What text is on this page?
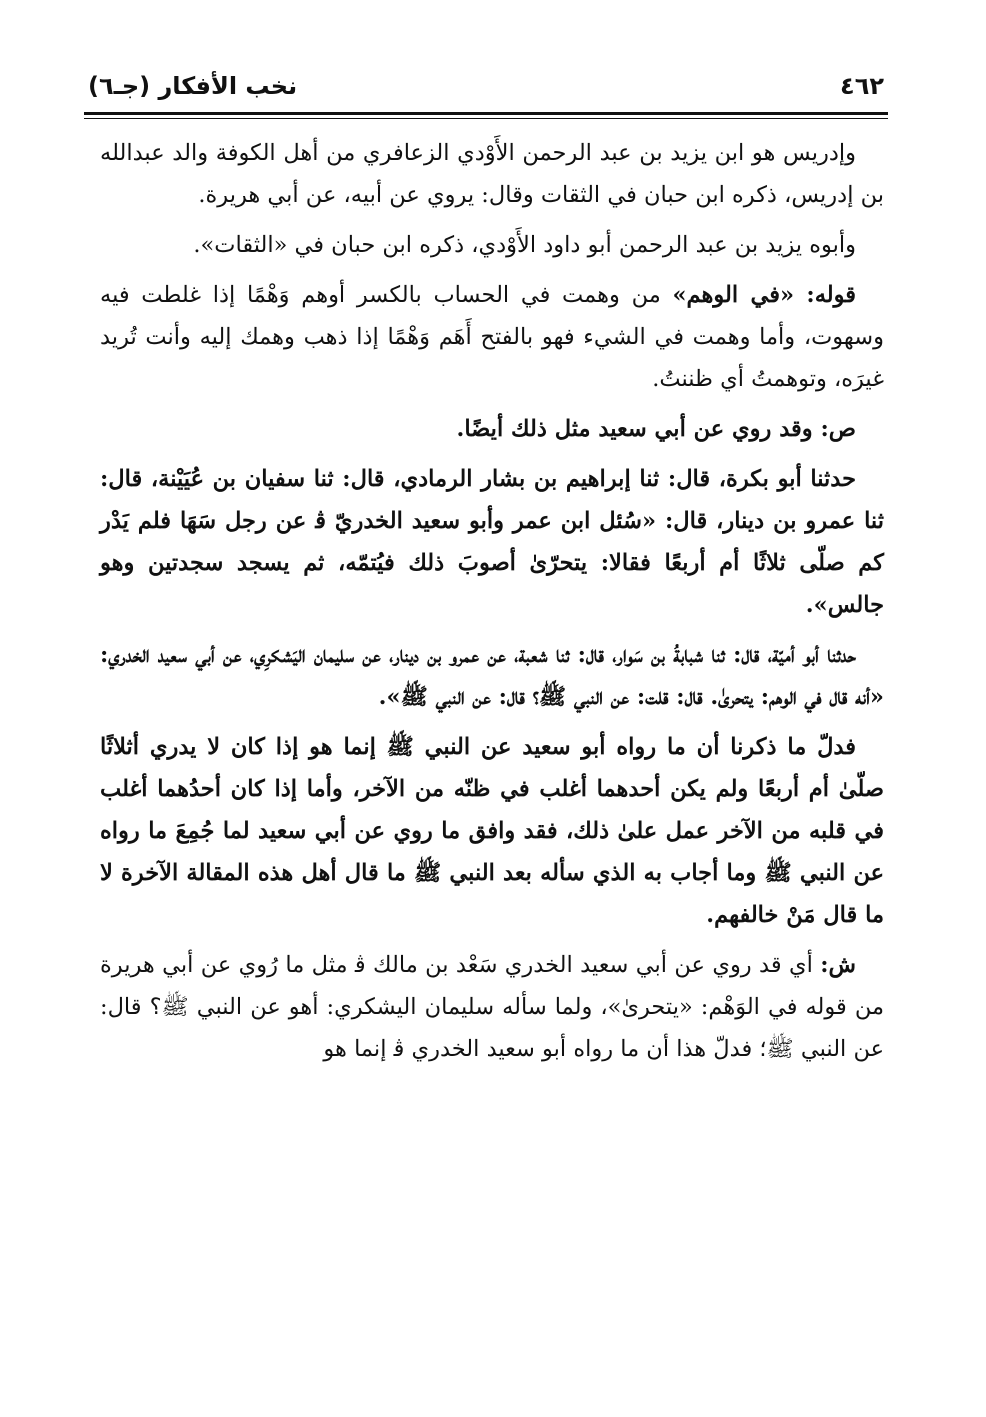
٤٦٢
نخب الأفكار (جـ٦)

وإدريس هو ابن يزيد بن عبد الرحمن الأَوْدي الزعافري من أهل الكوفة والد عبدالله بن إدريس، ذكره ابن حبان في الثقات وقال: يروي عن أبيه، عن أبي هريرة.

وأبوه يزيد بن عبد الرحمن أبو داود الأَوْدي، ذكره ابن حبان في «الثقات».

قوله: «في الوهم» من وهمت في الحساب بالكسر أوهم وَهْمًا إذا غلطت فيه وسهوت، وأما وهمت في الشيء فهو بالفتح أَهَم وَهْمًا إذا ذهب وهمك إليه وأنت تُريد غيرَه، وتوهمتُ أي ظننتُ.

ص: وقد روي عن أبي سعيد مثل ذلك أيضًا.

حدثنا أبو بكرة، قال: ثنا إبراهيم بن بشار الرمادي، قال: ثنا سفيان بن عُيَيْنة، قال: ثنا عمرو بن دينار، قال: «سُئل ابن عمر وأبو سعيد الخدريّ ﭬ عن رجل سَهَا فلم يَدْر كم صلّى ثلاثًا أم أربعًا فقالا: يتحرّىٰ أصوبَ ذلك فيُتمّه، ثم يسجد سجدتين وهو جالس».

حدثنا أبو أميّة، قال: ثنا شبابةُ بن سَوار، قال: ثنا شعبة، عن عمرو بن دينار، عن سليمان اليَشكرِي، عن أبي سعيد الخدري: «أنه قال في الوهم: يتحرىٰ. قال: قلت: عن النبي ﷺ؟ قال: عن النبي ﷺ».

فدلّ ما ذكرنا أن ما رواه أبو سعيد عن النبي ﷺ إنما هو إذا كان لا يدري أثلاثًا صلّىٰ أم أربعًا ولم يكن أحدهما أغلب في ظنّه من الآخر، وأما إذا كان أحدُهما أغلب في قلبه من الآخر عمل علىٰ ذلك، فقد وافق ما روي عن أبي سعيد لما جُمِعَ ما رواه عن النبي ﷺ وما أجاب به الذي سأله بعد النبي ﷺ ما قال أهل هذه المقالة الآخرة لا ما قال مَنْ خالفهم.

ش: أي قد روي عن أبي سعيد الخدري سَعْد بن مالك ﭬ مثل ما رُوي عن أبي هريرة من قوله في الوَهْم: «يتحرىٰ»، ولما سأله سليمان اليشكري: أهو عن النبي ﷺ؟ قال: عن النبي ﷺ؛ فدلّ هذا أن ما رواه أبو سعيد الخدري ﭬ إنما هو
